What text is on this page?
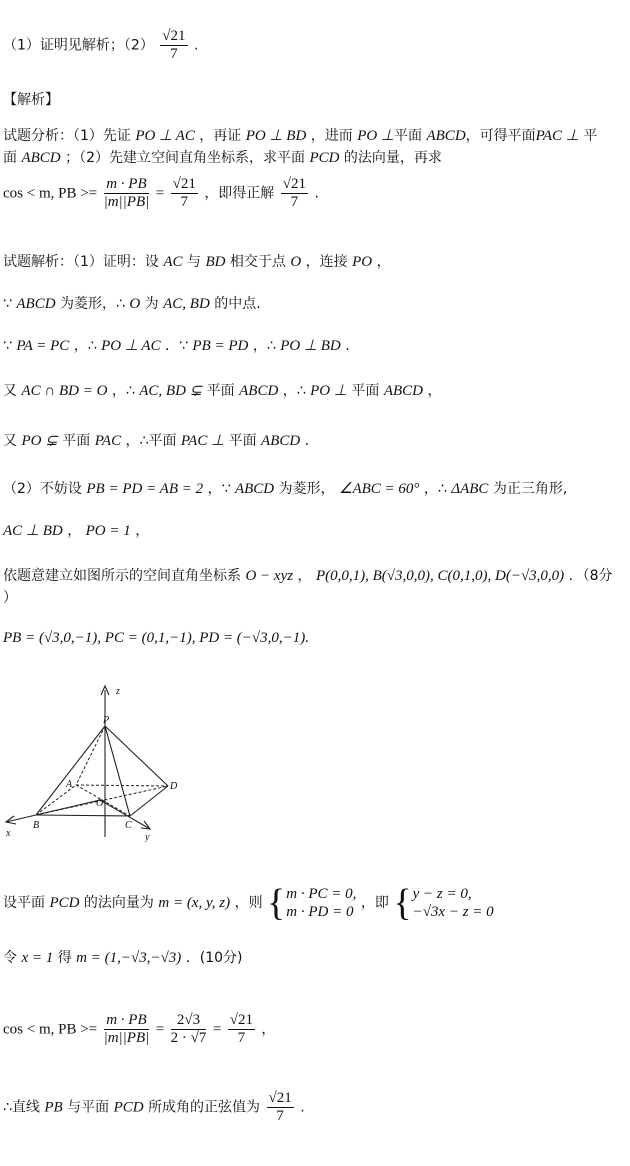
（1）证明见解析；$(2) \frac{√21}{7}$ .
【解析】
试题分析：（1）先证 PO ⊥ AC ，再证 PO ⊥ BD ，进而 PO ⊥平面 ABCD，可得平面PAC ⊥ 平
面 ABCD ；（2）先建立空间直角坐标系，求平面 PCD 的法向量，再求
cos < m, PB >= $\frac{m \cdot PB}{|m||PB|} = \frac{√21}{7}$ ，即得正解 $\frac{√21}{7}$ .
试题解析：（1）证明：设 AC 与 BD 相交于点 O ，连接 PO ，
∵ ABCD 为菱形，∴ O 为 AC, BD 的中点.
∵ PA = PC ，∴ PO ⊥ AC ．∵ PB = PD ，∴ PO ⊥ BD .
又 AC ∩ BD = O ，∴ AC, BD ⊊ 平面 ABCD ，∴ PO ⊥ 平面 ABCD ，
又 PO ⊊ 平面 PAC ，∴平面 PAC ⊥ 平面 ABCD .
（2）不妨设 PB = PD = AB = 2 ，∵ ABCD 为菱形， ∠ABC = 60° ，∴ ΔABC 为正三角形,
AC ⊥ BD ， PO = 1 ，
依题意建立如图所示的空间直角坐标系 O − xyz ， P(0,0,1), B(√3,0,0), C(0,1,0), D(−√3,0,0) ．（8分
）
PB = (√3,0,−1), PC = (0,1,−1), PD = (−√3,0,−1).
z
P
A
O
D
B	C
x	y
设平面 PCD 的法向量为 m = (x, y, z) ，则 { m · PC = 0,
m · PD = 0
，即 { y − z = 0,
−√3x − z = 0
令 x = 1 得 m = (1,−√3,−√3) ．(10分)
cos < m, PB >= $\frac{m \cdot PB}{|m||PB|} = \frac{2√3}{2 \cdot √7} = \frac{√21}{7}$ ，
∴直线 PB 与平面 PCD 所成角的正弦值为 $\frac{√21}{7}$ .
